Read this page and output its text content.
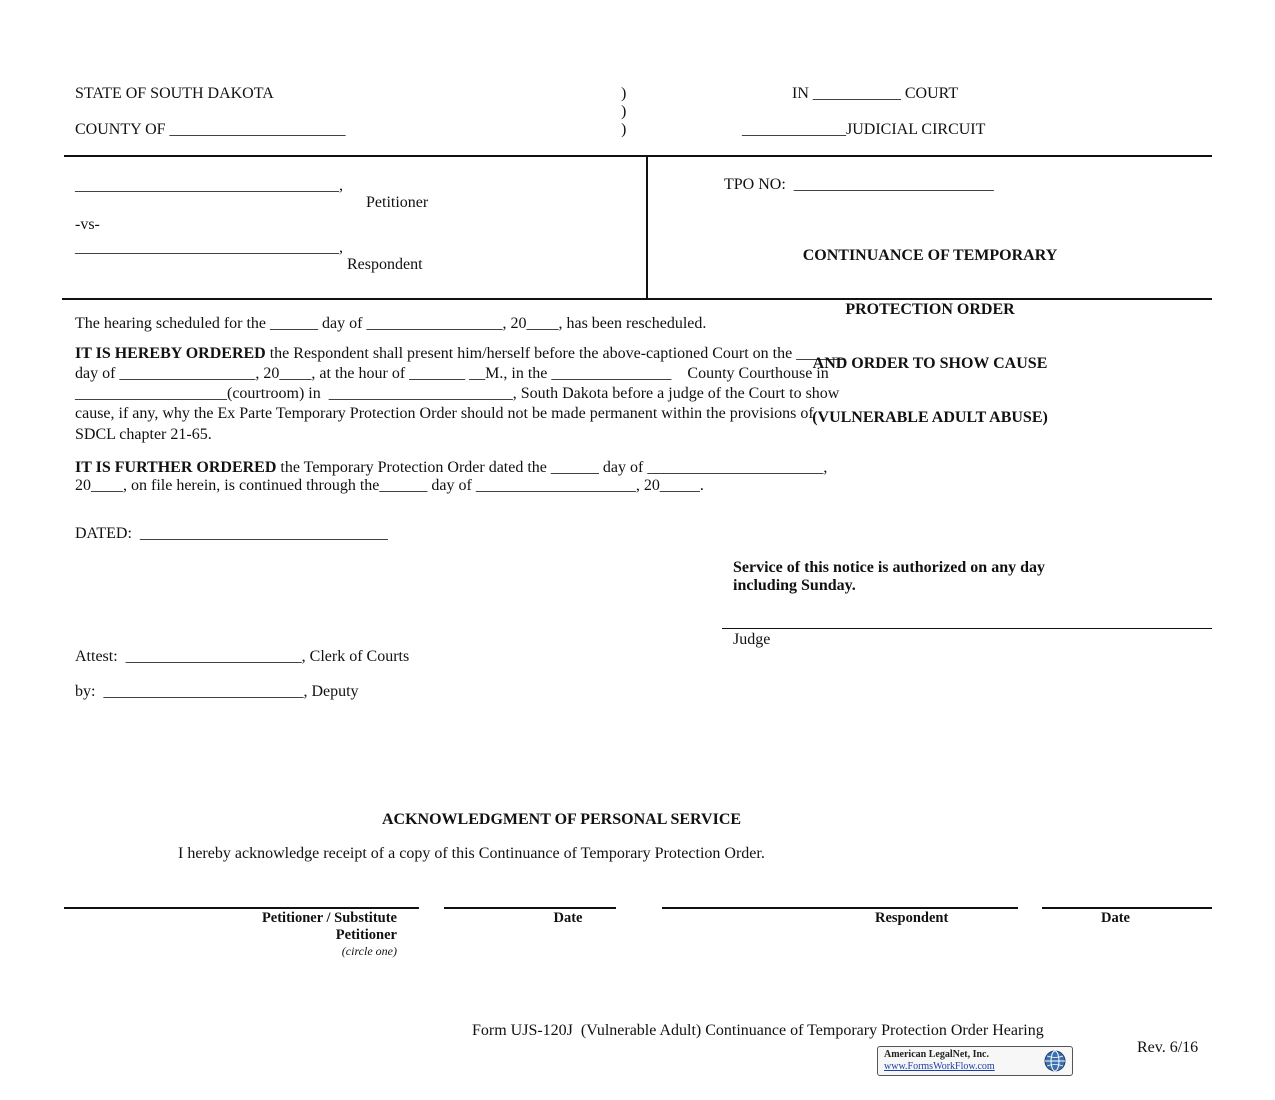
STATE OF SOUTH DAKOTA
COUNTY OF ______________________
)
)
)
IN ___________ COURT
_____________JUDICIAL CIRCUIT
_________________________________,
Petitioner
-vs-
_________________________________,
Respondent
TPO NO:  _________________________

CONTINUANCE OF TEMPORARY

PROTECTION ORDER

AND ORDER TO SHOW CAUSE

(VULNERABLE ADULT ABUSE)

The hearing scheduled for the ______ day of _________________, 20____, has been rescheduled.
IT IS HEREBY ORDERED the Respondent shall present him/herself before the above-captioned Court on the ______
day of _________________, 20____, at the hour of _______ __M., in the _______________    County Courthouse in
___________________(courtroom) in  _______________________, South Dakota before a judge of the Court to show
cause, if any, why the Ex Parte Temporary Protection Order should not be made permanent within the provisions of
SDCL chapter 21-65.
IT IS FURTHER ORDERED the Temporary Protection Order dated the ______ day of ______________________,
20____, on file herein, is continued through the______ day of ____________________, 20_____.
DATED:  _______________________________
Service of this notice is authorized on any day
including Sunday.
Judge
Attest:  ______________________, Clerk of Courts
by:  _________________________, Deputy
ACKNOWLEDGMENT OF PERSONAL SERVICE
I hereby acknowledge receipt of a copy of this Continuance of Temporary Protection Order.
Petitioner / Substitute
Petitioner
(circle one)
Date	Respondent	Date
Form UJS-120J  (Vulnerable Adult) Continuance of Temporary Protection Order Hearing
Rev. 6/16
American LegalNet, Inc.
www.FormsWorkFlow.com
